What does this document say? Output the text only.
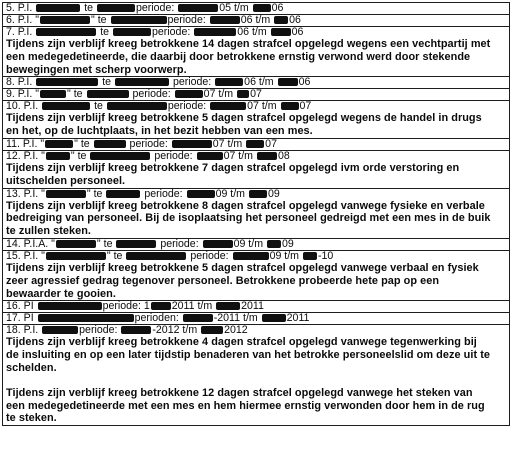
5. P.I.	te	periode:	05 t/m 06
6. P.I. "	" te	periode:	06 t/m 06
7. P.I.	te	periode:	06 t/m 06
Tijdens zijn verblijf kreeg betrokkene 14 dagen strafcel opgelegd wegens een vechtpartij met
een medegedetineerde, die daarbij door betrokkene ernstig verwond werd door stekende
bewegingen met scherp voorwerp.
8. P.I.	te	periode:	06 t/m 06
9. P.I. "	" te	periode:	07 t/m 07
10. P.I.	te	periode:	07 t/m 07
Tijdens zijn verblijf kreeg betrokkene 5 dagen strafcel opgelegd wegens de handel in drugs
en het, op de luchtplaats, in het bezit hebben van een mes.
11. P.I. "	" te	periode:	07 t/m 07
12. P.I. " " te	periode:	07 t/m 08
Tijdens zijn verblijf kreeg betrokkene 7 dagen strafcel opgelegd ivm orde verstoring en
uitschelden personeel.
13. P.I. "	" te	periode:	09 t/m 09
Tijdens zijn verblijf kreeg betrokkene 8 dagen strafcel opgelegd vanwege fysieke en verbale
bedreiging van personeel. Bij de isoplaatsing het personeel gedreigd met een mes in de buik
te zullen steken.
14. P.I.A. "	" te	periode:	09 t/m 09
15. P.I. "	" te	periode:	09 t/m -10
Tijdens zijn verblijf kreeg betrokkene 5 dagen strafcel opgelegd vanwege verbaal en fysiek
zeer agressief gedrag tegenover personeel. Betrokkene probeerde hete pap op een
bewaarder te gooien.
16. PI	periode: 1 2011 t/m 2011
17. PI	perioden:	-2011 t/m 2011
18. P.I.	periode:	-2012 t/m 2012
Tijdens zijn verblijf kreeg betrokkene 4 dagen strafcel opgelegd vanwege tegenwerking bij
de insluiting en op een later tijdstip benaderen van het betrokke personeelslid om deze uit te
schelden.
Tijdens zijn verblijf kreeg betrokkene 12 dagen strafcel opgelegd vanwege het steken van
een medegedetineerde met een mes en hem hiermee ernstig verwonden door hem in de rug
te steken.
